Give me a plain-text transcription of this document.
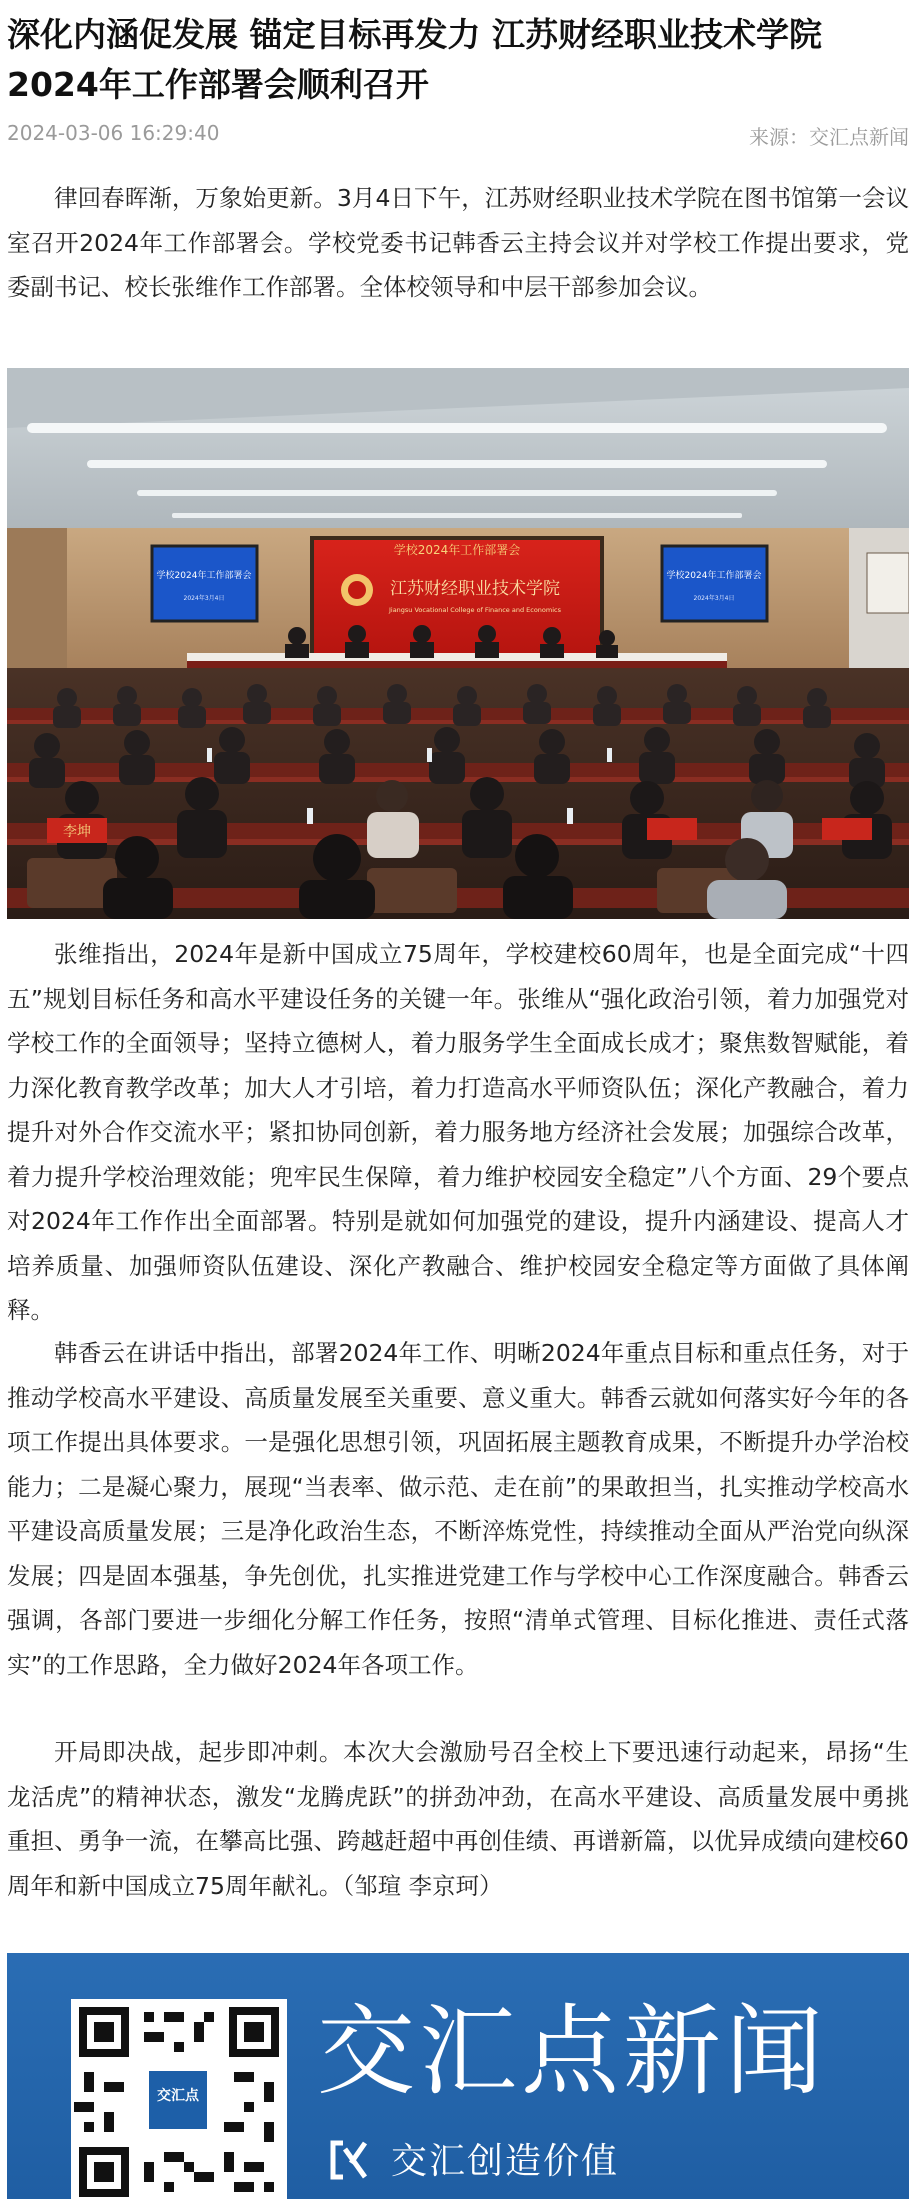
深化内涵促发展 锚定目标再发力 江苏财经职业技术学院2024年工作部署会顺利召开
2024-03-06 16:29:40	来源：交汇点新闻

律回春晖渐，万象始更新。3月4日下午，江苏财经职业技术学院在图书馆第一会议室召开2024年工作部署会。学校党委书记韩香云主持会议并对学校工作提出要求，党委副书记、校长张维作工作部署。全体校领导和中层干部参加会议。

学校2024年工作部署会
2024年3月4日
学校2024年工作部署会
2024年3月4日
学校2024年工作部署会
江苏财经职业技术学院
Jiangsu Vocational College of Finance and Economics
李坤

张维指出，2024年是新中国成立75周年，学校建校60周年，也是全面完成“十四五”规划目标任务和高水平建设任务的关键一年。张维从“强化政治引领，着力加强党对学校工作的全面领导；坚持立德树人，着力服务学生全面成长成才；聚焦数智赋能，着力深化教育教学改革；加大人才引培，着力打造高水平师资队伍；深化产教融合，着力提升对外合作交流水平；紧扣协同创新，着力服务地方经济社会发展；加强综合改革，着力提升学校治理效能；兜牢民生保障，着力维护校园安全稳定”八个方面、29个要点对2024年工作作出全面部署。特别是就如何加强党的建设，提升内涵建设、提高人才培养质量、加强师资队伍建设、深化产教融合、维护校园安全稳定等方面做了具体阐释。

韩香云在讲话中指出，部署2024年工作、明晰2024年重点目标和重点任务，对于推动学校高水平建设、高质量发展至关重要、意义重大。韩香云就如何落实好今年的各项工作提出具体要求。一是强化思想引领，巩固拓展主题教育成果，不断提升办学治校能力；二是凝心聚力，展现“当表率、做示范、走在前”的果敢担当，扎实推动学校高水平建设高质量发展；三是净化政治生态，不断淬炼党性，持续推动全面从严治党向纵深发展；四是固本强基，争先创优，扎实推进党建工作与学校中心工作深度融合。韩香云强调，各部门要进一步细化分解工作任务，按照“清单式管理、目标化推进、责任式落实”的工作思路，全力做好2024年各项工作。

开局即决战，起步即冲刺。本次大会激励号召全校上下要迅速行动起来，昂扬“生龙活虎”的精神状态，激发“龙腾虎跃”的拼劲冲劲，在高水平建设、高质量发展中勇挑重担、勇争一流，在攀高比强、跨越赶超中再创佳绩、再谱新篇，以优异成绩向建校60周年和新中国成立75周年献礼。（邹瑄 李京珂）

交汇点 交汇点新闻
交汇创造价值
